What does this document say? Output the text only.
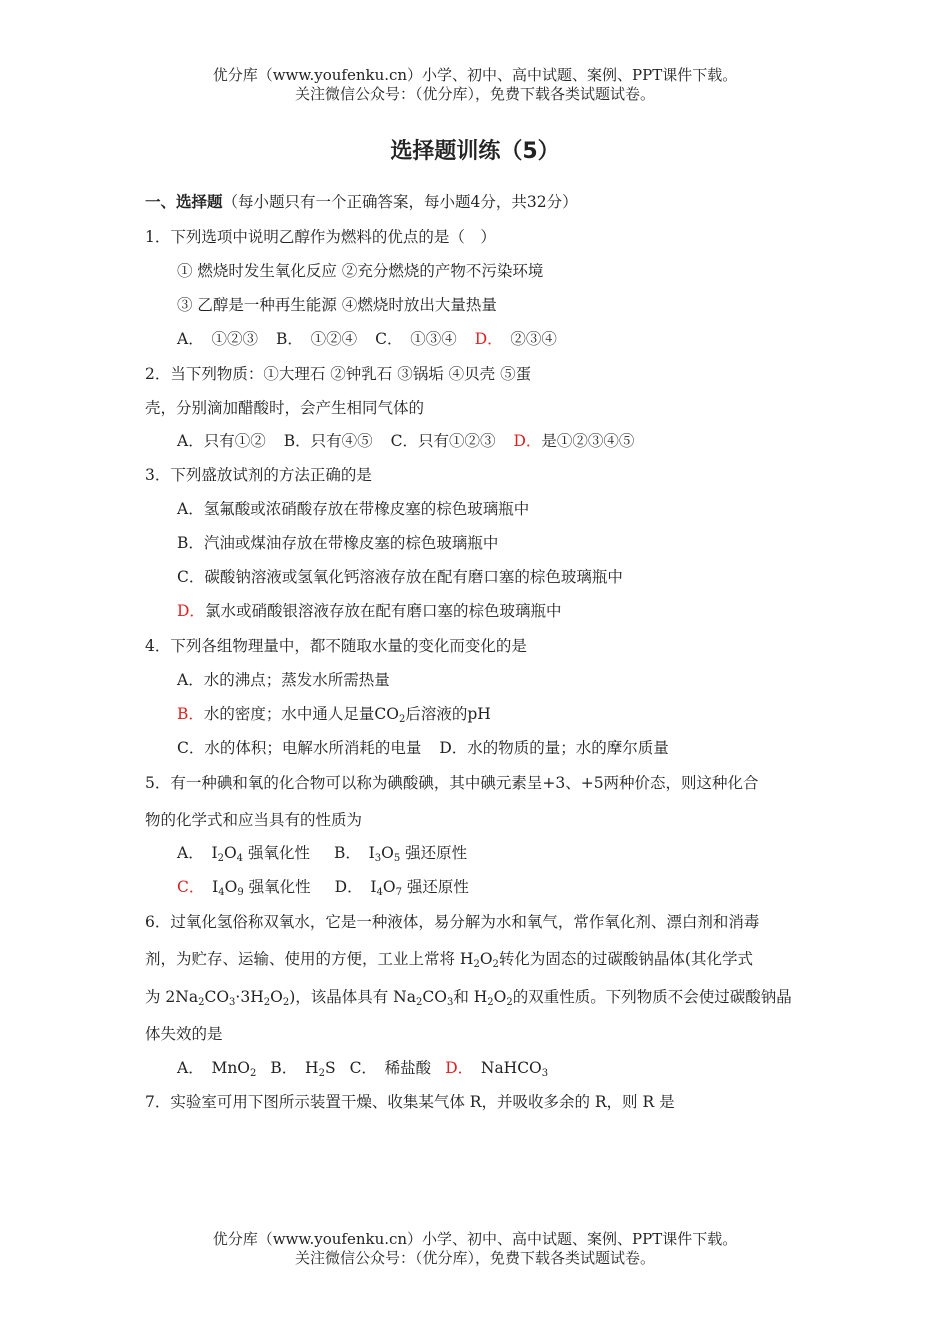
优分库（www.youfenku.cn）小学、初中、高中试题、案例、PPT课件下载。
关注微信公众号：（优分库），免费下载各类试题试卷。
选择题训练（5）
一、选择题（每小题只有一个正确答案，每小题4分，共32分）
1．下列选项中说明乙醇作为燃料的优点的是（　）
① 燃烧时发生氧化反应 ②充分燃烧的产物不污染环境
③ 乙醇是一种再生能源 ④燃烧时放出大量热量
A．　①②③ B．　①②④ C．　①③④ D．　②③④
2．当下列物质：①大理石 ②钟乳石 ③锅垢 ④贝壳 ⑤蛋
壳，分别滴加醋酸时，会产生相同气体的
A．只有①② B．只有④⑤ C．只有①②③ D．是①②③④⑤
3．下列盛放试剂的方法正确的是
A．氢氟酸或浓硝酸存放在带橡皮塞的棕色玻璃瓶中
B．汽油或煤油存放在带橡皮塞的棕色玻璃瓶中
C．碳酸钠溶液或氢氧化钙溶液存放在配有磨口塞的棕色玻璃瓶中
D．氯水或硝酸银溶液存放在配有磨口塞的棕色玻璃瓶中
4．下列各组物理量中，都不随取水量的变化而变化的是
A．水的沸点；蒸发水所需热量
B．水的密度；水中通人足量$CO_2$后溶液的pH
C．水的体积；电解水所消耗的电量 D．水的物质的量；水的摩尔质量
5．有一种碘和氧的化合物可以称为碘酸碘，其中碘元素呈+3、+5两种价态，则这种化合
物的化学式和应当具有的性质为
A．　$I_2O_4$ 强氧化性 B．　$I_3O_5$ 强还原性
C．　$I_4O_9$ 强氧化性 D．　$I_4O_7$ 强还原性
6．过氧化氢俗称双氧水，它是一种液体，易分解为水和氧气，常作氧化剂、漂白剂和消毒
剂，为贮存、运输、使用的方便，工业上常将 $H_2O_2$转化为固态的过碳酸钠晶体(其化学式
为 $2Na_2CO_3\cdot 3H_2O_2$)，该晶体具有 $Na_2CO_3$和 $H_2O_2$的双重性质。下列物质不会使过碳酸钠晶
体失效的是
A．　MnO$_2$ B．　$H_2S$ C．　稀盐酸 D．　NaHCO$_3$
7．实验室可用下图所示装置干燥、收集某气体 R，并吸收多余的 R，则 R 是
优分库（www.youfenku.cn）小学、初中、高中试题、案例、PPT课件下载。
关注微信公众号：（优分库），免费下载各类试题试卷。
